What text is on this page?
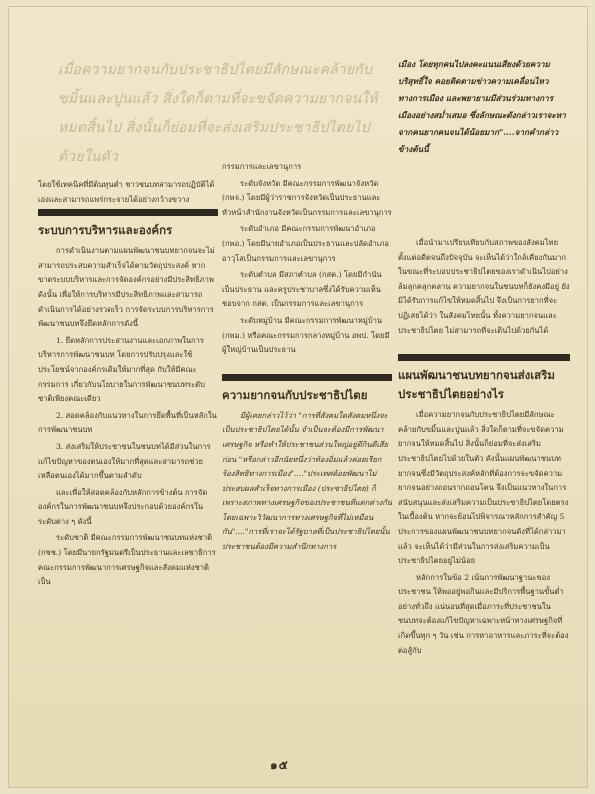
เมื่อความยากจนกับประชาธิปไตยมีลักษณะคล้ายกับขมิ้นและปูนแล้ว สิ่งใดก็ตามที่จะขจัดความยากจนให้หมดสิ้นไป สิ่งนั้นก็ย่อมที่จะส่งเสริมประชาธิปไตยไปด้วยในตัว
เมือง โดยทุกคนไปลงคะแนนเสียงด้วยความบริสุทธิ์ใจ คอยติดตามข่าวความเคลื่อนไหวทางการเมือง และพยายามมีส่วนร่วมทางการเมืองอย่างสม่ำเสมอ ซึ่งลักษณะดังกล่าวเราจะหาจากคนยากคนจนได้น้อยมาก"....จากคำกล่าวข้างต้นนี้

โดยใช้เทคนิคที่มีต้นทุนต่ำ ชาวชนบทสามารถปฏิบัติได้เองและสามารถแพร่กระจายได้อย่างกว้างขวาง

ระบบการบริหารและองค์กร

การดำเนินงานตามแผนพัฒนาชนบทยากจนจะไม่สามารถประสบความสำเร็จได้ตามวัตถุประสงค์ หากขาดระบบบริหารและการจัดองค์กรอย่างมีประสิทธิภาพ ดังนั้น เพื่อให้การบริหารมีประสิทธิภาพและสามารถดำเนินการได้อย่างรวดเร็ว การจัดระบบการบริหารการพัฒนาชนบทจึงยึดหลักการดังนี้

1. ยึดหลักการประสานงานและเอกภาพในการบริหารการพัฒนาชนบท โดยการปรับปรุงและใช้ประโยชน์จากองค์กรเดิมให้มากที่สุด กับให้มีคณะกรรมการ เกี่ยวกับนโยบายในการพัฒนาชนบทระดับชาติเพียงคณะเดียว

2. สอดคล้องกับแนวทางในการยึดพื้นที่เป็นหลักในการพัฒนาชนบท

3. ส่งเสริมให้ประชาชนในชนบทได้มีส่วนในการแก้ไขปัญหาของตนเองให้มากที่สุดและสามารถช่วยเหลือตนเองได้มากขึ้นตามลำดับ

และเพื่อให้สอดคล้องกับหลักการข้างต้น การจัดองค์กรในการพัฒนาชนบทจึงประกอบด้วยองค์กรในระดับต่าง ๆ ดังนี้

ระดับชาติ มีคณะกรรมการพัฒนาชนบทแห่งชาติ (กชช.) โดยมีนายกรัฐมนตรีเป็นประธานและเลขาธิการคณะกรรมการพัฒนาการเศรษฐกิจและสังคมแห่งชาติเป็น

กรรมการและเลขานุการ

ระดับจังหวัด มีคณะกรรมการพัฒนาจังหวัด (กพจ.) โดยมีผู้ว่าราชการจังหวัดเป็นประธานและหัวหน้าสำนักงานจังหวัดเป็นกรรมการและเลขานุการ

ระดับอำเภอ มีคณะกรรมการพัฒนาอำเภอ (กพอ.) โดยมีนายอำเภอเป็นประธานและปลัดอำเภออาวุโสเป็นกรรมการและเลขานุการ

ระดับตำบล มีสภาตำบล (กสต.) โดยมีกำนันเป็นประธาน และครูประชาบาลซึ่งได้รับความเห็นชอบจาก กสต. เป็นกรรมการและเลขานุการ

ระดับหมู่บ้าน มีคณะกรรมการพัฒนาหมู่บ้าน (กพม.) หรือคณะกรรมการกลางหมู่บ้าน อพป. โดยมีผู้ใหญ่บ้านเป็นประธาน

ความยากจนกับประชาธิปไตย

มีผู้เคยกล่าวไว้ว่า "การที่สังคมใดสังคมหนึ่งจะเป็นประชาธิปไตยได้นั้น จำเป็นจะต้องมีการพัฒนาเศรษฐกิจ หรือทำให้ประชาชนส่วนใหญ่อยู่ดีกินดีเสียก่อน "หรือกล่าวอีกนัยหนึ่งว่าท้องอิ่มแล้วค่อยเรียกร้องสิทธิทางการเมือง"...."ประเทศด้อยพัฒนาไม่ประสบผลสำเร็จทางการเมือง (ประชาธิปไตย) ก็เพราะสภาพทางเศรษฐกิจของประชาชนที่แตกต่างกัน โดยเฉพาะวิวัฒนาการทางเศรษฐกิจที่ไม่เหมือนกัน"...."การที่เราจะได้รัฐบาลที่เป็นประชาธิปไตยนั้น ประชาชนต้องมีความสำนึกทางการ

เมื่อนำมาเปรียบเทียบกับสภาพของสังคมไทยตั้งแต่อดีตจนถึงปัจจุบัน จะเห็นได้ว่าใกล้เคียงกันมาก ในขณะที่ระบอบประชาธิปไตยของเราดำเนินไปอย่างล้มลุกคลุกคลาน ความยากจนในชนบทก็ยังคงมีอยู่ ยังมิได้รับการแก้ไขให้หมดสิ้นไป จึงเป็นการยากที่จะปฏิเสธได้ว่า ในสังคมไทยนั้น ทั้งความยากจนและประชาธิปไตย ไม่สามารถที่จะเดินไปด้วยกันได้

แผนพัฒนาชนบทยากจนส่งเสริมประชาธิปไตยอย่างไร

เมื่อความยากจนกับประชาธิปไตยมีลักษณะคล้ายกับขมิ้นและปูนแล้ว สิ่งใดก็ตามที่จะขจัดความยากจนให้หมดสิ้นไป สิ่งนั้นก็ย่อมที่จะส่งเสริมประชาธิปไตยไปด้วยในตัว ดังนั้นแผนพัฒนาชนบทยากจนซึ่งมีวัตถุประสงค์หลักที่ต้องการจะขจัดความยากจนอย่างถอนรากถอนโคน จึงเป็นแนวทางในการสนับสนุนและส่งเสริมความเป็นประชาธิปไตยโดยตรงในเบื้องต้น หากจะย้อนไปพิจารณาหลักการสำคัญ 5 ประการของแผนพัฒนาชนบทยากจนดังที่ได้กล่าวมาแล้ว จะเห็นได้ว่ามีส่วนในการส่งเสริมความเป็นประชาธิปไตยอยู่ไม่น้อย

หลักการในข้อ 2 เน้นการพัฒนาฐานะของประชาชน ให้พออยู่พอกินและมีปริการพื้นฐานขั้นต่ำอย่างทั่วถึง แน่นอนที่สุดเมื่อภาระที่ประชาชนในชนบทจะต้องแก้ไขปัญหาเฉพาะหน้าทางเศรษฐกิจที่เกิดขึ้นทุก ๆ วัน เช่น การหาอาหารและภาระที่จะต้องต่อสู้กับ

๑๕
